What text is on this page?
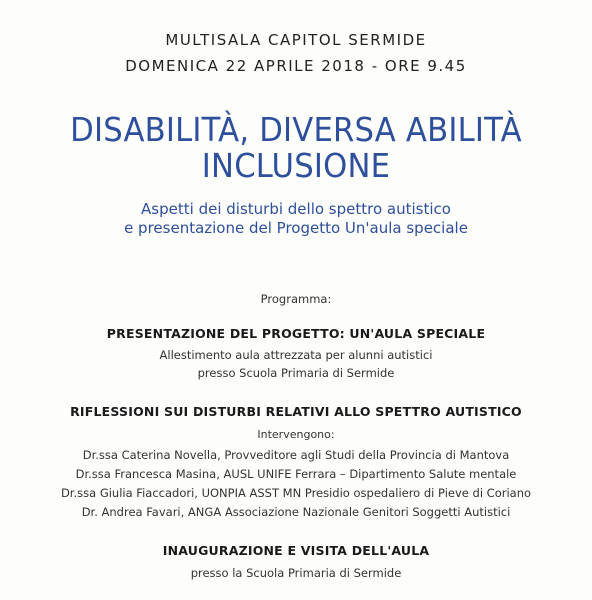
MULTISALA CAPITOL SERMIDE
DOMENICA 22 APRILE 2018 - ORE 9.45
DISABILITÀ, DIVERSA ABILITÀ
INCLUSIONE
Aspetti dei disturbi dello spettro autistico
e presentazione del Progetto Un'aula speciale
Programma:
PRESENTAZIONE DEL PROGETTO: UN'AULA SPECIALE
Allestimento aula attrezzata per alunni autistici
presso Scuola Primaria di Sermide
RIFLESSIONI SUI DISTURBI RELATIVI ALLO SPETTRO AUTISTICO
Intervengono:
Dr.ssa Caterina Novella, Provveditore agli Studi della Provincia di Mantova
Dr.ssa Francesca Masina, AUSL UNIFE Ferrara – Dipartimento Salute mentale
Dr.ssa Giulia Fiaccadori, UONPIA ASST MN Presidio ospedaliero di Pieve di Coriano
Dr. Andrea Favari, ANGA Associazione Nazionale Genitori Soggetti Autistici
INAUGURAZIONE E VISITA DELL'AULA
presso la Scuola Primaria di Sermide
